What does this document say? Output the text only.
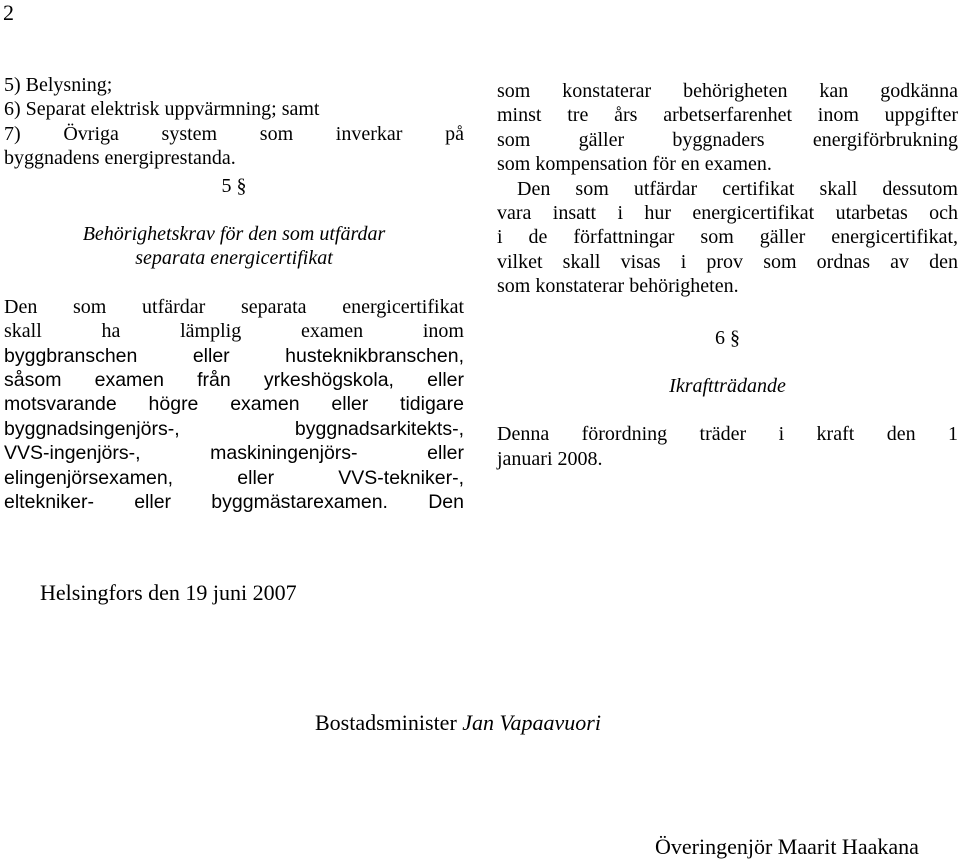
2
5) Belysning;
6) Separat elektrisk uppvärmning; samt
7) Övriga system som inverkar på
byggnadens energiprestanda.
5 §
Behörighetskrav för den som utfärdar
separata energicertifikat
Den som utfärdar separata energicertifikat
skall ha lämplig examen inom
byggbranschen eller husteknikbranschen,
såsom examen från yrkeshögskola, eller
motsvarande högre examen eller tidigare
byggnadsingenjörs-, byggnadsarkitekts-,
VVS-ingenjörs-, maskiningenjörs- eller
elingenjörsexamen, eller VVS-tekniker-,
eltekniker- eller byggmästarexamen. Den
som konstaterar behörigheten kan godkänna
minst tre års arbetserfarenhet inom uppgifter
som gäller byggnaders energiförbrukning
som kompensation för en examen.
Den som utfärdar certifikat skall dessutom
vara insatt i hur energicertifikat utarbetas och
i de författningar som gäller energicertifikat,
vilket skall visas i prov som ordnas av den
som konstaterar behörigheten.
6 §
Ikraftträdande
Denna förordning träder i kraft den 1
januari 2008.
Helsingfors den 19 juni 2007
Bostadsminister Jan Vapaavuori
Överingenjör Maarit Haakana
